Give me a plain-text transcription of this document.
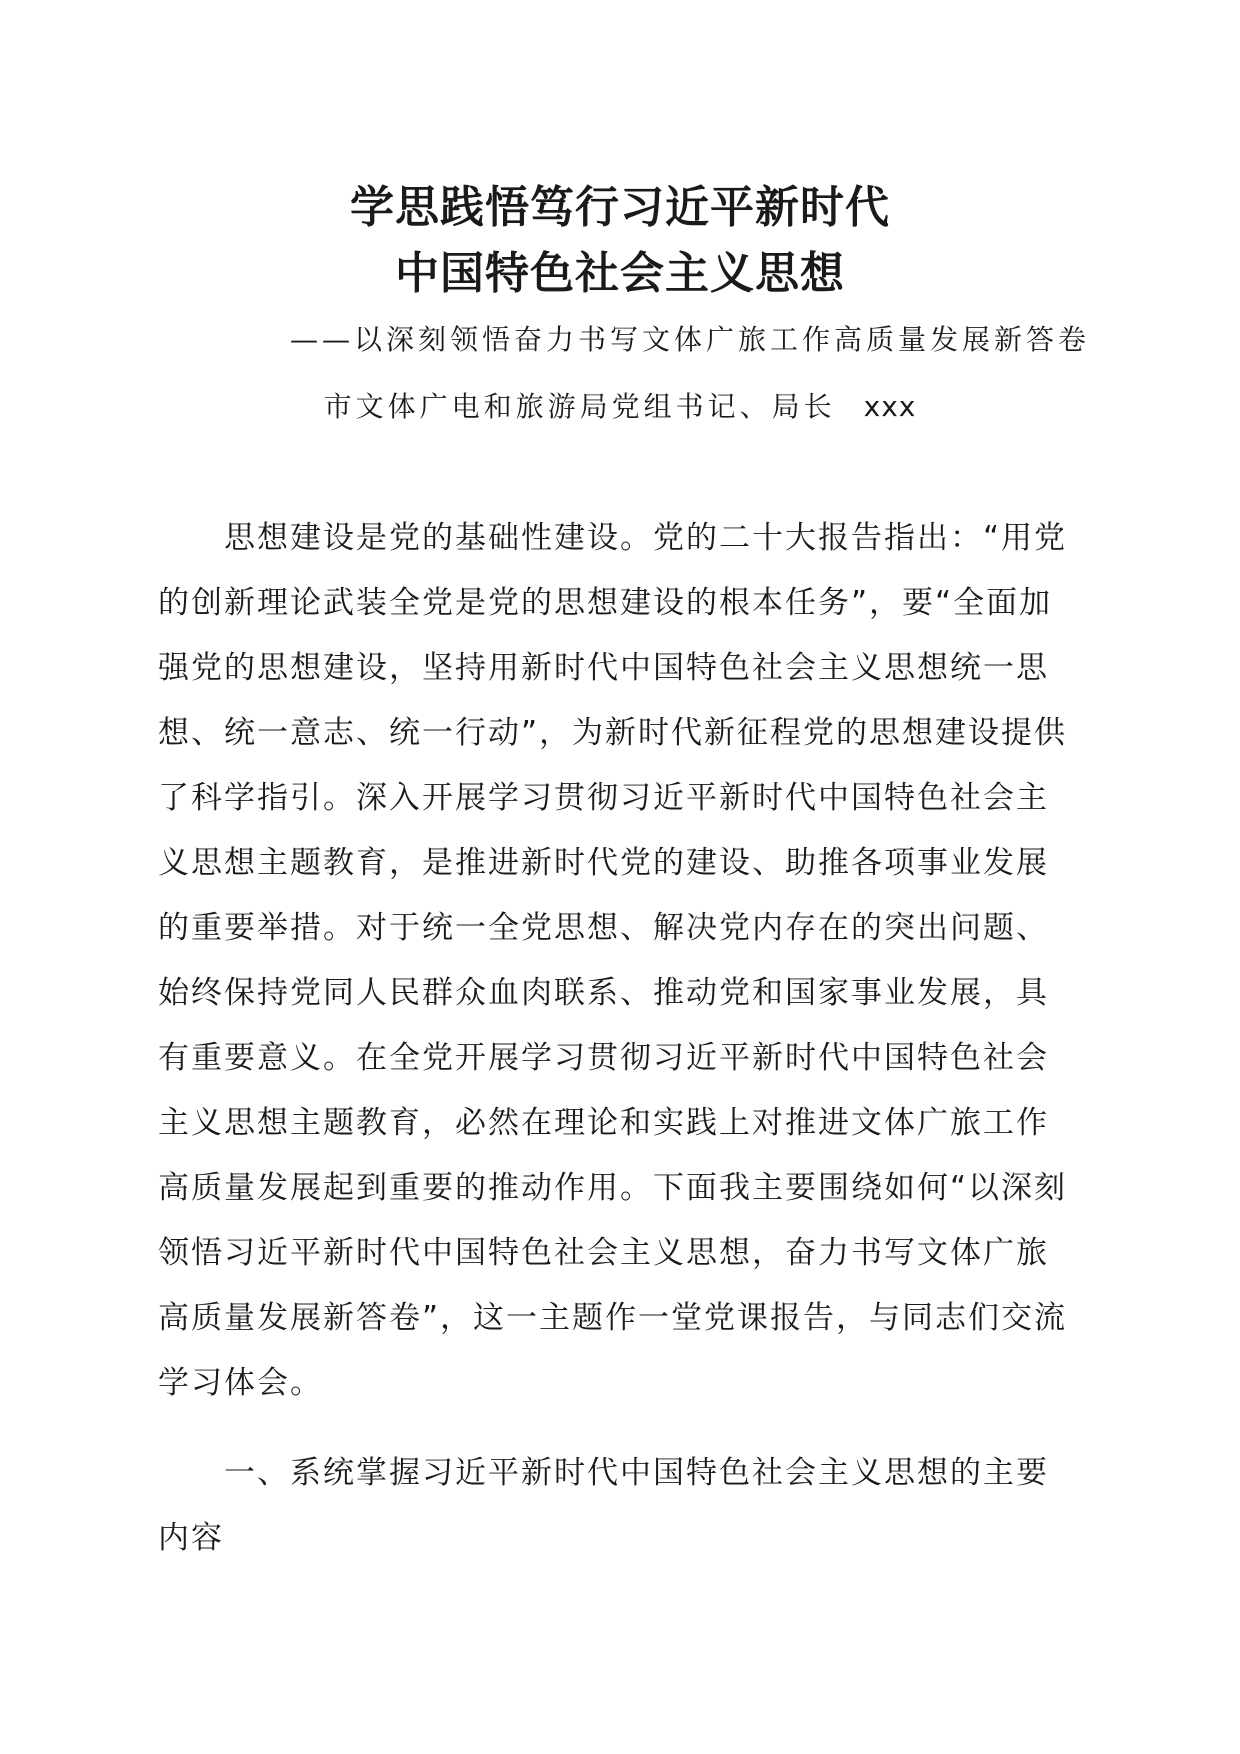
学思践悟笃行习近平新时代
中国特色社会主义思想
——以深刻领悟奋力书写文体广旅工作高质量发展新答卷
市文体广电和旅游局党组书记、局长 xxx
思想建设是党的基础性建设。党的二十大报告指出：“用党
的创新理论武装全党是党的思想建设的根本任务”，要“全面加
强党的思想建设，坚持用新时代中国特色社会主义思想统一思
想、统一意志、统一行动”，为新时代新征程党的思想建设提供
了科学指引。深入开展学习贯彻习近平新时代中国特色社会主
义思想主题教育，是推进新时代党的建设、助推各项事业发展
的重要举措。对于统一全党思想、解决党内存在的突出问题、
始终保持党同人民群众血肉联系、推动党和国家事业发展，具
有重要意义。在全党开展学习贯彻习近平新时代中国特色社会
主义思想主题教育，必然在理论和实践上对推进文体广旅工作
高质量发展起到重要的推动作用。下面我主要围绕如何“以深刻
领悟习近平新时代中国特色社会主义思想，奋力书写文体广旅
高质量发展新答卷”，这一主题作一堂党课报告，与同志们交流
学习体会。
一、系统掌握习近平新时代中国特色社会主义思想的主要
内容
